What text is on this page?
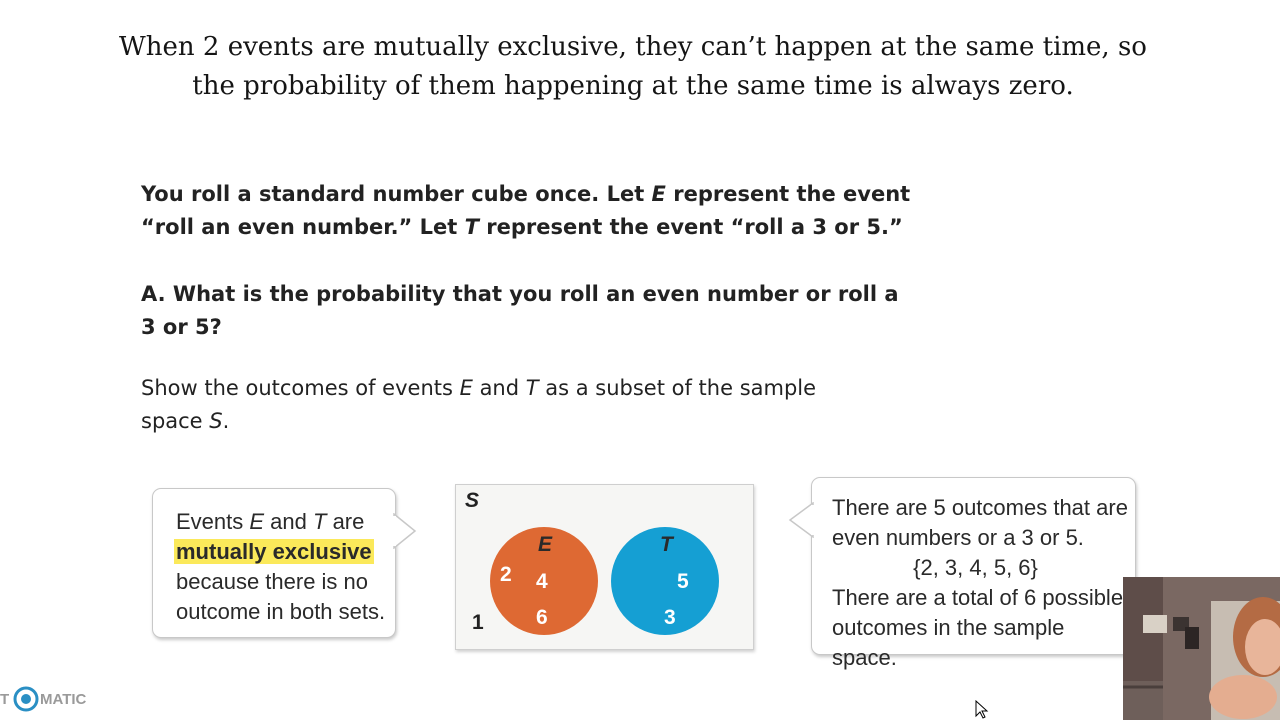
When 2 events are mutually exclusive, they can’t happen at the same time, so
the probability of them happening at the same time is always zero.
You roll a standard number cube once. Let E represent the event
“roll an even number.” Let T represent the event “roll a 3 or 5.”
A. What is the probability that you roll an even number or roll a
3 or 5?
Show the outcomes of events E and T as a subset of the sample
space S.
Events E and T are
mutually exclusive
because there is no
outcome in both sets.
S
E	T
2 4
6
5
3
1
There are 5 outcomes that are
even numbers or a 3 or 5.
{2, 3, 4, 5, 6}
There are a total of 6 possible
outcomes in the sample space.
T MATIC
